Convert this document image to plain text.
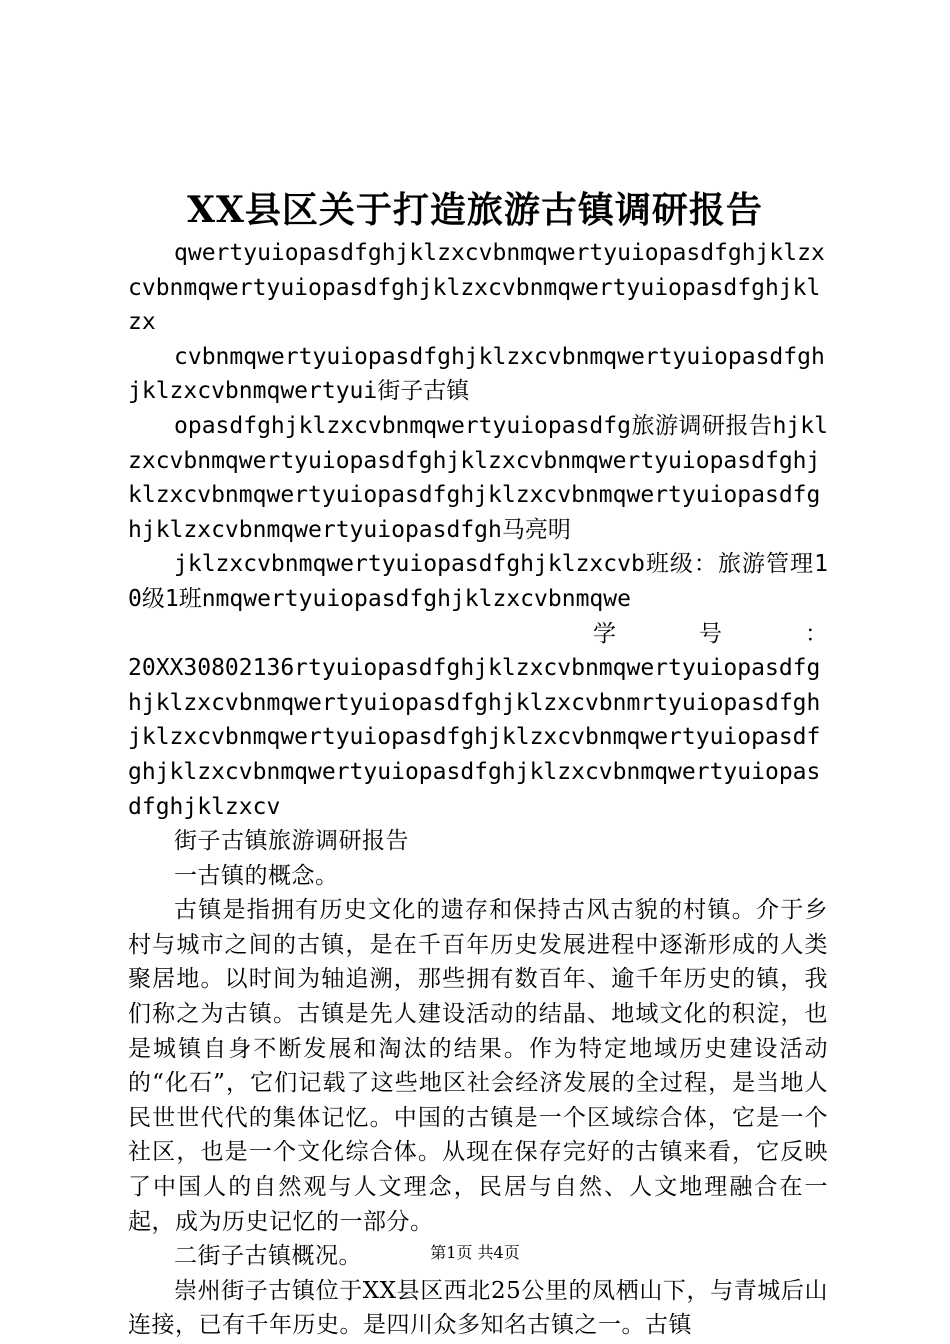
XX县区关于打造旅游古镇调研报告

qwertyuiopasdfghjklzxcvbnmqwertyuiopasdfghjklzxcvbnmqwertyuiopasdfghjklzxcvbnmqwertyuiopasdfghjklzx

cvbnmqwertyuiopasdfghjklzxcvbnmqwertyuiopasdfghjklzxcvbnmqwertyui街子古镇

opasdfghjklzxcvbnmqwertyuiopasdfg旅游调研报告hjklzxcvbnmqwertyuiopasdfghjklzxcvbnmqwertyuiopasdfghjklzxcvbnmqwertyuiopasdfghjklzxcvbnmqwertyuiopasdfghjklzxcvbnmqwertyuiopasdfgh马亮明

jklzxcvbnmqwertyuiopasdfghjklzxcvb班级：旅游管理10级1班nmqwertyuiopasdfghjklzxcvbnmqwe

学号：

20XX30802136rtyuiopasdfghjklzxcvbnmqwertyuiopasdfghjklzxcvbnmqwertyuiopasdfghjklzxcvbnmrtyuiopasdfghjklzxcvbnmqwertyuiopasdfghjklzxcvbnmqwertyuiopasdfghjklzxcvbnmqwertyuiopasdfghjklzxcvbnmqwertyuiopasdfghjklzxcv

街子古镇旅游调研报告

一古镇的概念。

古镇是指拥有历史文化的遗存和保持古风古貌的村镇。介于乡村与城市之间的古镇，是在千百年历史发展进程中逐渐形成的人类聚居地。以时间为轴追溯，那些拥有数百年、逾千年历史的镇，我们称之为古镇。古镇是先人建设活动的结晶、地域文化的积淀，也是城镇自身不断发展和淘汰的结果。作为特定地域历史建设活动的“化石”，它们记载了这些地区社会经济发展的全过程，是当地人民世世代代的集体记忆。中国的古镇是一个区域综合体，它是一个社区，也是一个文化综合体。从现在保存完好的古镇来看，它反映了中国人的自然观与人文理念，民居与自然、人文地理融合在一起，成为历史记忆的一部分。

二街子古镇概况。

崇州街子古镇位于XX县区西北25公里的凤栖山下，与青城后山连接，已有千年历史。是四川众多知名古镇之一。古镇

第1页 共4页
